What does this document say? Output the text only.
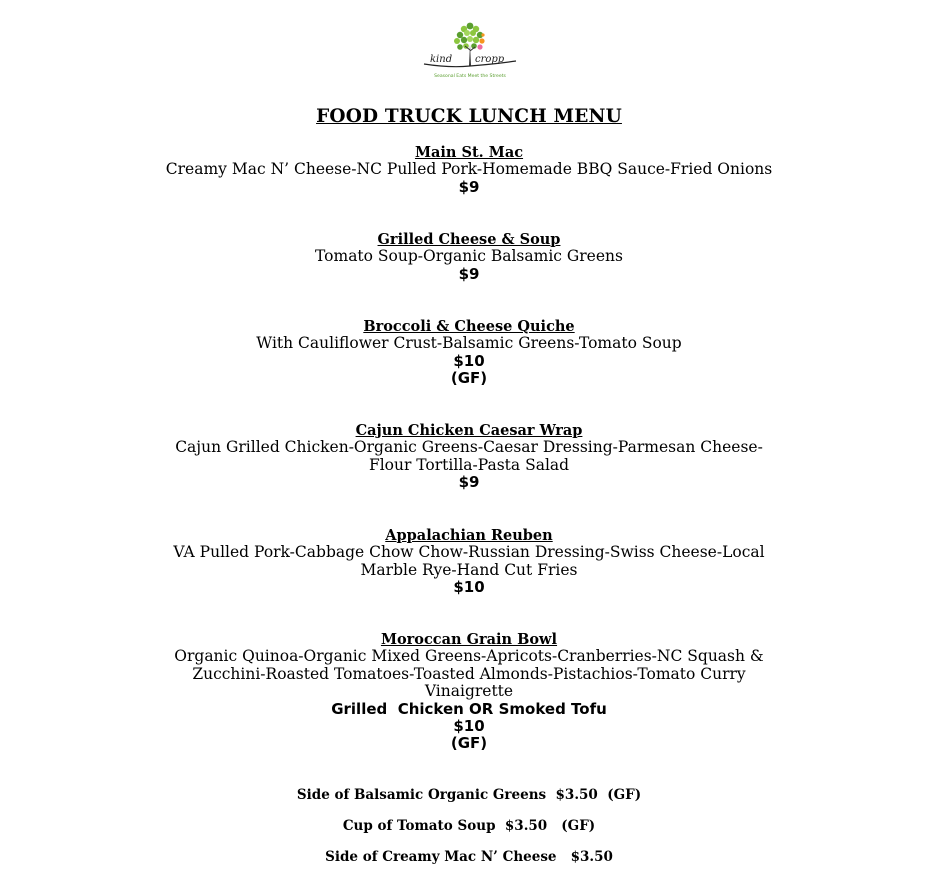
kind cropp
Seasonal Eats Meet the Streets
FOOD TRUCK LUNCH MENU
Main St. Mac
Creamy Mac N’ Cheese-NC Pulled Pork-Homemade BBQ Sauce-Fried Onions
$9
Grilled Cheese & Soup
Tomato Soup-Organic Balsamic Greens
$9
Broccoli & Cheese Quiche
With Cauliflower Crust-Balsamic Greens-Tomato Soup
$10
(GF)
Cajun Chicken Caesar Wrap
Cajun Grilled Chicken-Organic Greens-Caesar Dressing-Parmesan Cheese-Flour Tortilla-Pasta Salad
$9
Appalachian Reuben
VA Pulled Pork-Cabbage Chow Chow-Russian Dressing-Swiss Cheese-Local Marble Rye-Hand Cut Fries
$10
Moroccan Grain Bowl
Organic Quinoa-Organic Mixed Greens-Apricots-Cranberries-NC Squash & Zucchini-Roasted Tomatoes-Toasted Almonds-Pistachios-Tomato Curry Vinaigrette
Grilled  Chicken OR Smoked Tofu
$10
(GF)
Side of Balsamic Organic Greens  $3.50  (GF)
Cup of Tomato Soup  $3.50   (GF)
Side of Creamy Mac N’ Cheese   $3.50
